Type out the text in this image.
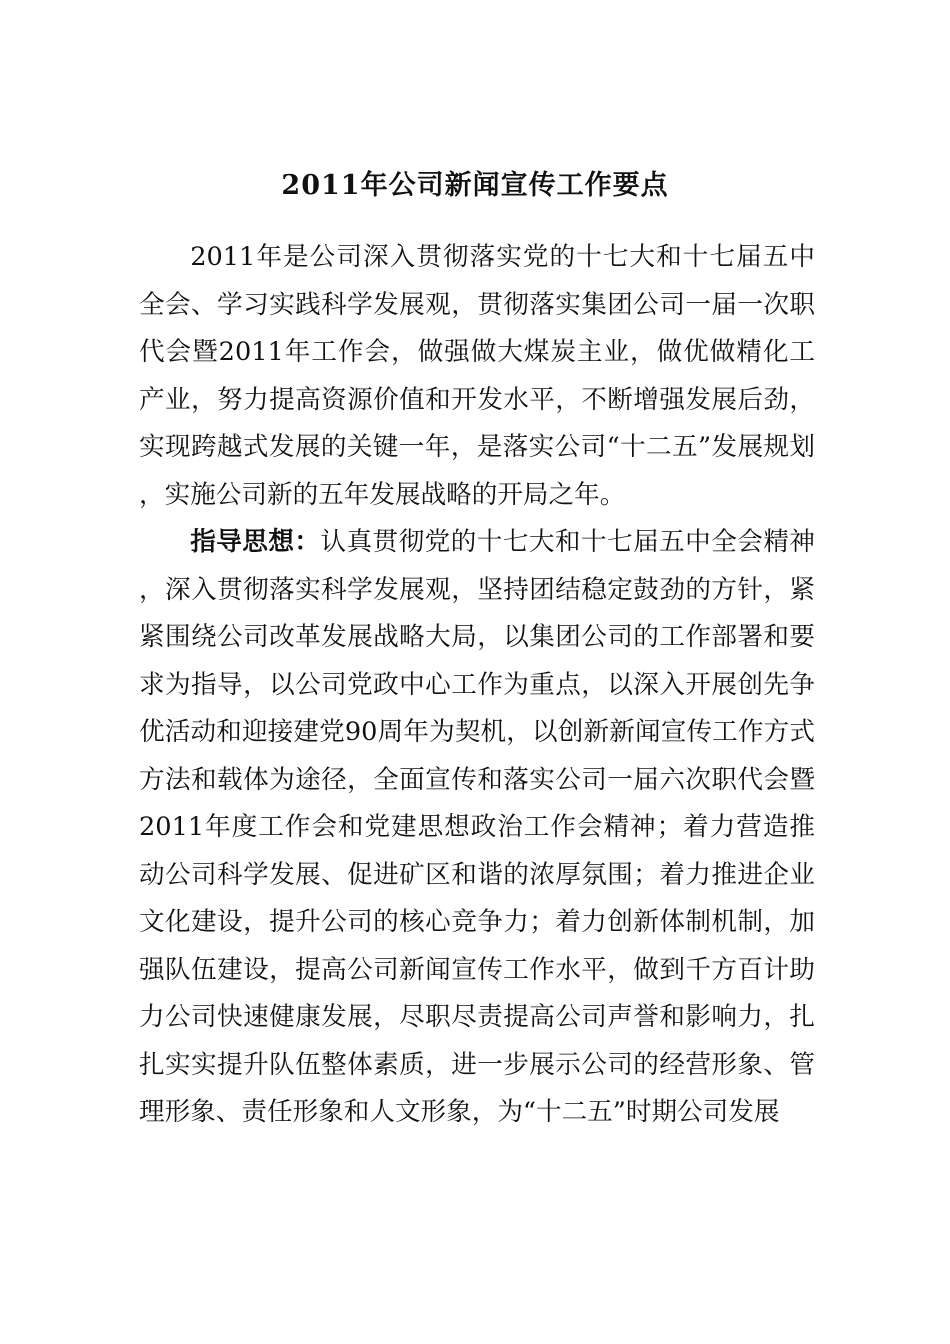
2011年公司新闻宣传工作要点

2011年是公司深入贯彻落实党的十七大和十七届五中全会、学习实践科学发展观，贯彻落实集团公司一届一次职代会暨2011年工作会，做强做大煤炭主业，做优做精化工产业，努力提高资源价值和开发水平，不断增强发展后劲，实现跨越式发展的关键一年，是落实公司“十二五”发展规划，实施公司新的五年发展战略的开局之年。

指导思想：认真贯彻党的十七大和十七届五中全会精神，深入贯彻落实科学发展观，坚持团结稳定鼓劲的方针，紧紧围绕公司改革发展战略大局，以集团公司的工作部署和要求为指导，以公司党政中心工作为重点，以深入开展创先争优活动和迎接建党90周年为契机，以创新新闻宣传工作方式方法和载体为途径，全面宣传和落实公司一届六次职代会暨2011年度工作会和党建思想政治工作会精神；着力营造推动公司科学发展、促进矿区和谐的浓厚氛围；着力推进企业文化建设，提升公司的核心竞争力；着力创新体制机制，加强队伍建设，提高公司新闻宣传工作水平，做到千方百计助力公司快速健康发展，尽职尽责提高公司声誉和影响力，扎扎实实提升队伍整体素质，进一步展示公司的经营形象、管理形象、责任形象和人文形象，为“十二五”时期公司发展
